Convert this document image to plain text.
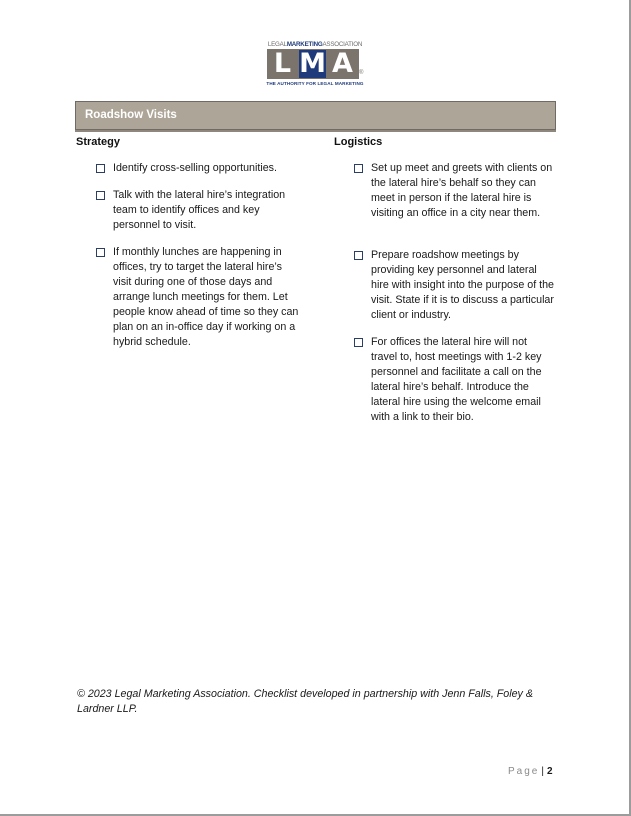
LEGALMARKETINGASSOCIATION
L M A	®
THE AUTHORITY FOR LEGAL MARKETING
Roadshow Visits
Strategy	Logistics
Identify cross-selling opportunities.
Talk with the lateral hire’s integration team to identify offices and key personnel to visit.
If monthly lunches are happening in offices, try to target the lateral hire’s visit during one of those days and arrange lunch meetings for them. Let people know ahead of time so they can plan on an in-office day if working on a hybrid schedule.
Set up meet and greets with clients on the lateral hire’s behalf so they can meet in person if the lateral hire is visiting an office in a city near them.
Prepare roadshow meetings by providing key personnel and lateral hire with insight into the purpose of the visit. State if it is to discuss a particular client or industry.
For offices the lateral hire will not travel to, host meetings with 1-2 key personnel and facilitate a call on the lateral hire’s behalf. Introduce the lateral hire using the welcome email with a link to their bio.
© 2023 Legal Marketing Association. Checklist developed in partnership with Jenn Falls, Foley & Lardner LLP.
Page | 2
